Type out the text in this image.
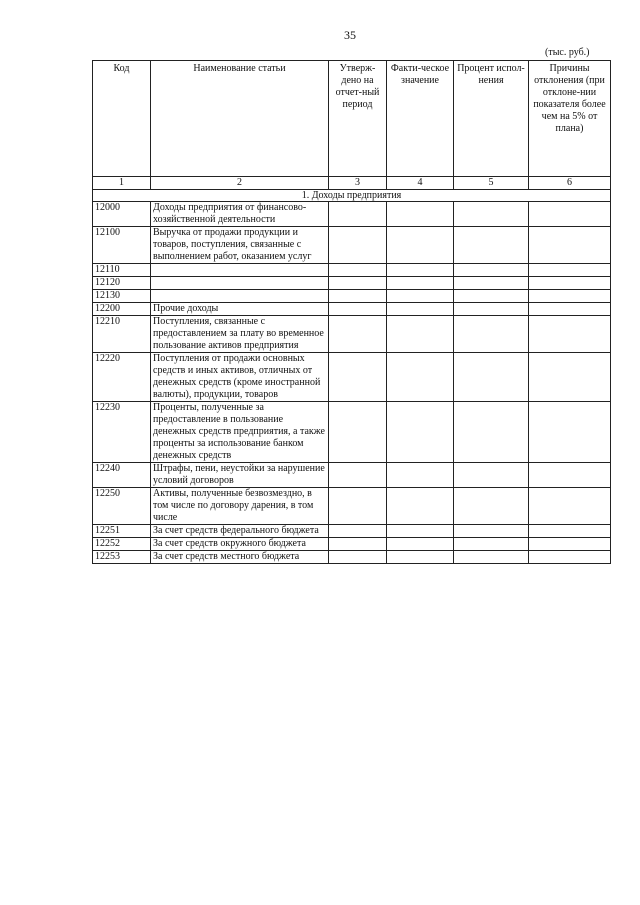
35
(тыс. руб.)
Код	Наименование статьи	Утверж-дено на отчет-ный период	Факти-ческое значение	Процент испол-нения	Причины отклонения (при отклоне-нии показателя более чем на 5% от плана)
1	2	3	4	5	6
1. Доходы предприятия					
12000	Доходы предприятия от финансово-хозяйственной деятельности				
12100	Выручка от продажи продукции и товаров, поступления, связанные с выполнением работ, оказанием услуг				
12110					
12120					
12130					
12200	Прочие доходы				
12210	Поступления, связанные с предоставлением за плату во временное пользование активов предприятия				
12220	Поступления от продажи основных средств и иных активов, отличных от денежных средств (кроме иностранной валюты), продукции, товаров				
12230	Проценты, полученные за предоставление в пользование денежных средств предприятия, а также проценты за использование банком денежных средств				
12240	Штрафы, пени, неустойки за нарушение условий договоров				
12250	Активы, полученные безвозмездно, в том числе по договору дарения, в том числе				
12251	За счет средств федерального бюджета				
12252	За счет средств окружного бюджета				
12253	За счет средств местного бюджета				
